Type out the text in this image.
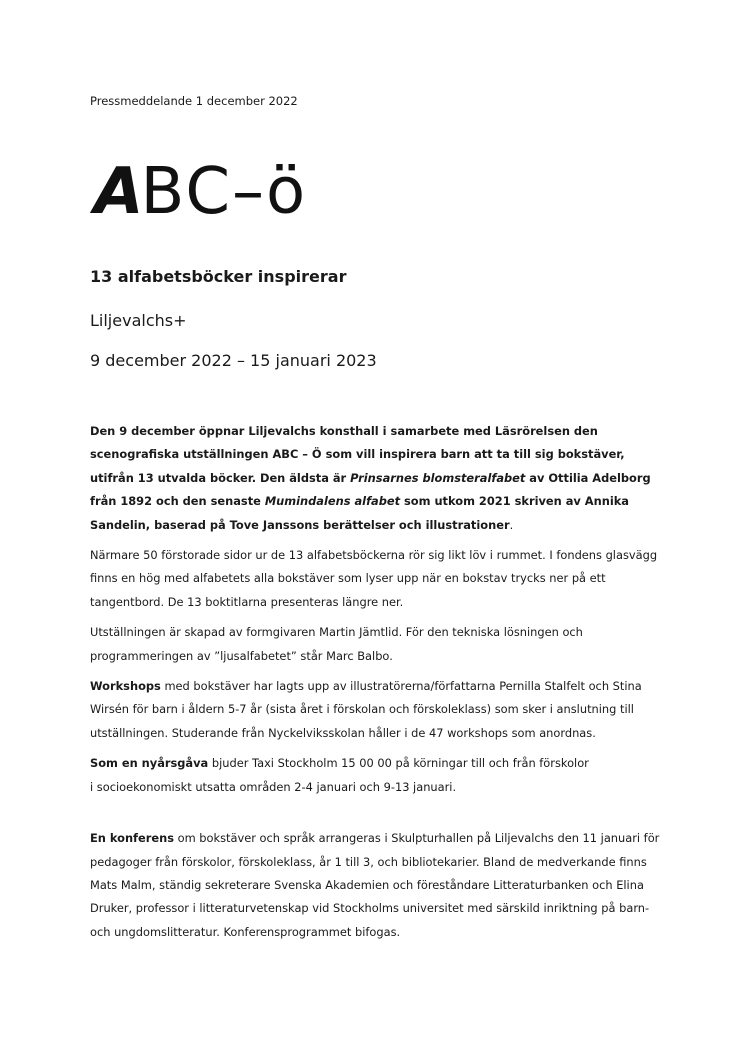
Pressmeddelande 1 december 2022
ABC–ö
13 alfabetsböcker inspirerar
Liljevalchs+
9 december 2022 – 15 januari 2023

Den 9 december öppnar Liljevalchs konsthall i samarbete med Läsrörelsen den scenografiska utställningen ABC – Ö som vill inspirera barn att ta till sig bokstäver, utifrån 13 utvalda böcker. Den äldsta är Prinsarnes blomsteralfabet av Ottilia Adelborg från 1892 och den senaste Mumindalens alfabet som utkom 2021 skriven av Annika Sandelin, baserad på Tove Janssons berättelser och illustrationer.

Närmare 50 förstorade sidor ur de 13 alfabetsböckerna rör sig likt löv i rummet. I fondens glasvägg finns en hög med alfabetets alla bokstäver som lyser upp när en bokstav trycks ner på ett tangentbord. De 13 boktitlarna presenteras längre ner.

Utställningen är skapad av formgivaren Martin Jämtlid. För den tekniska lösningen och programmeringen av ”ljusalfabetet” står Marc Balbo.

Workshops med bokstäver har lagts upp av illustratörerna/författarna Pernilla Stalfelt och Stina Wirsén för barn i åldern 5-7 år (sista året i förskolan och förskoleklass) som sker i anslutning till utställningen. Studerande från Nyckelviksskolan håller i de 47 workshops som anordnas.

Som en nyårsgåva bjuder Taxi Stockholm 15 00 00 på körningar till och från förskolor
i socioekonomiskt utsatta områden 2-4 januari och 9-13 januari.

En konferens om bokstäver och språk arrangeras i Skulpturhallen på Liljevalchs den 11 januari för pedagoger från förskolor, förskoleklass, år 1 till 3, och bibliotekarier. Bland de medverkande finns Mats Malm, ständig sekreterare Svenska Akademien och föreståndare Litteraturbanken och Elina Druker, professor i litteraturvetenskap vid Stockholms universitet med särskild inriktning på barn- och ungdomslitteratur. Konferensprogrammet bifogas.
